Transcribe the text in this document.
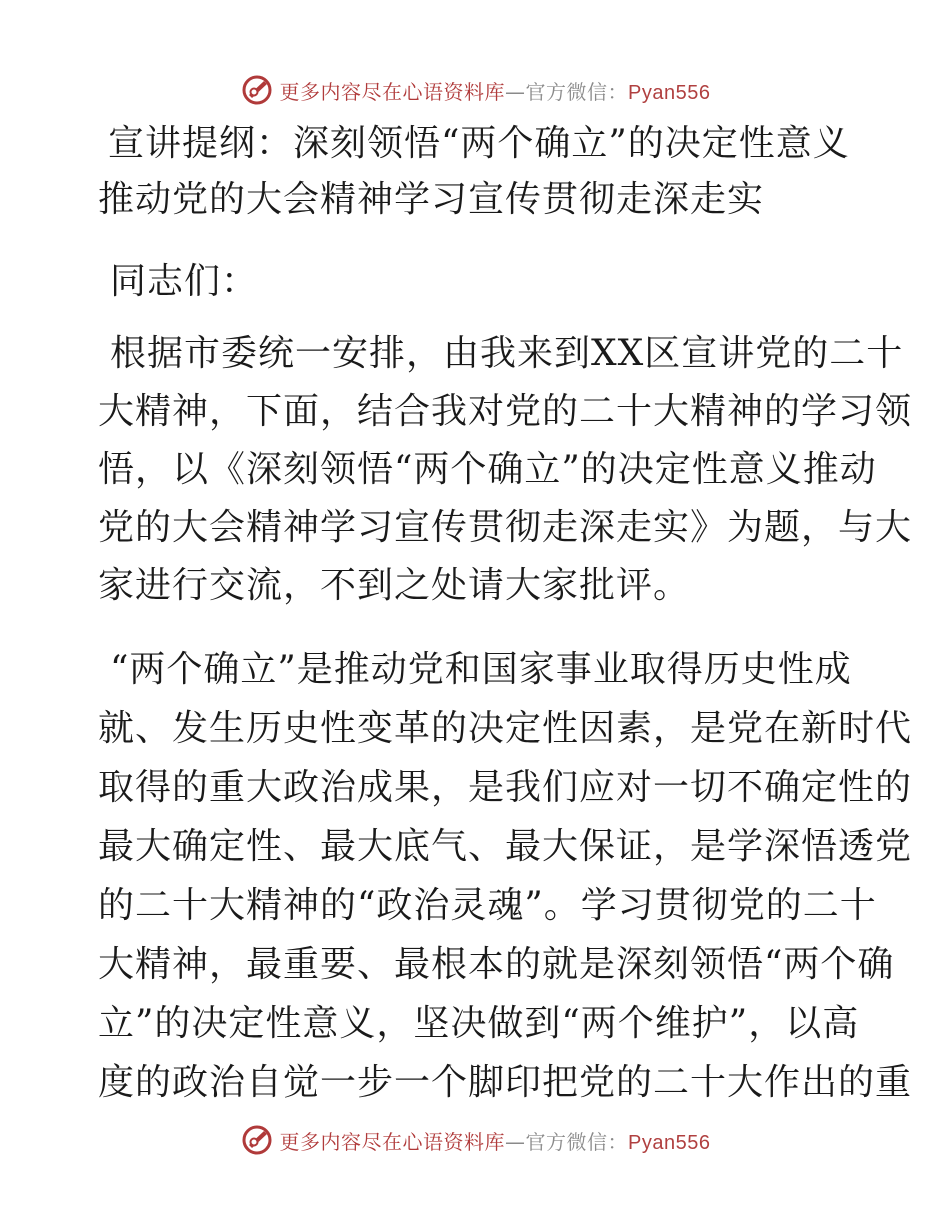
更多内容尽在心语资料库—官方微信：Pyan556
宣讲提纲：深刻领悟“两个确立”的决定性意义
推动党的大会精神学习宣传贯彻走深走实
同志们：
根据市委统一安排，由我来到XX区宣讲党的二十
大精神，下面，结合我对党的二十大精神的学习领
悟，以《深刻领悟“两个确立”的决定性意义推动
党的大会精神学习宣传贯彻走深走实》为题，与大
家进行交流，不到之处请大家批评。
“两个确立”是推动党和国家事业取得历史性成
就、发生历史性变革的决定性因素，是党在新时代
取得的重大政治成果，是我们应对一切不确定性的
最大确定性、最大底气、最大保证，是学深悟透党
的二十大精神的“政治灵魂”。学习贯彻党的二十
大精神，最重要、最根本的就是深刻领悟“两个确
立”的决定性意义，坚决做到“两个维护”，以高
度的政治自觉一步一个脚印把党的二十大作出的重
更多内容尽在心语资料库—官方微信：Pyan556
